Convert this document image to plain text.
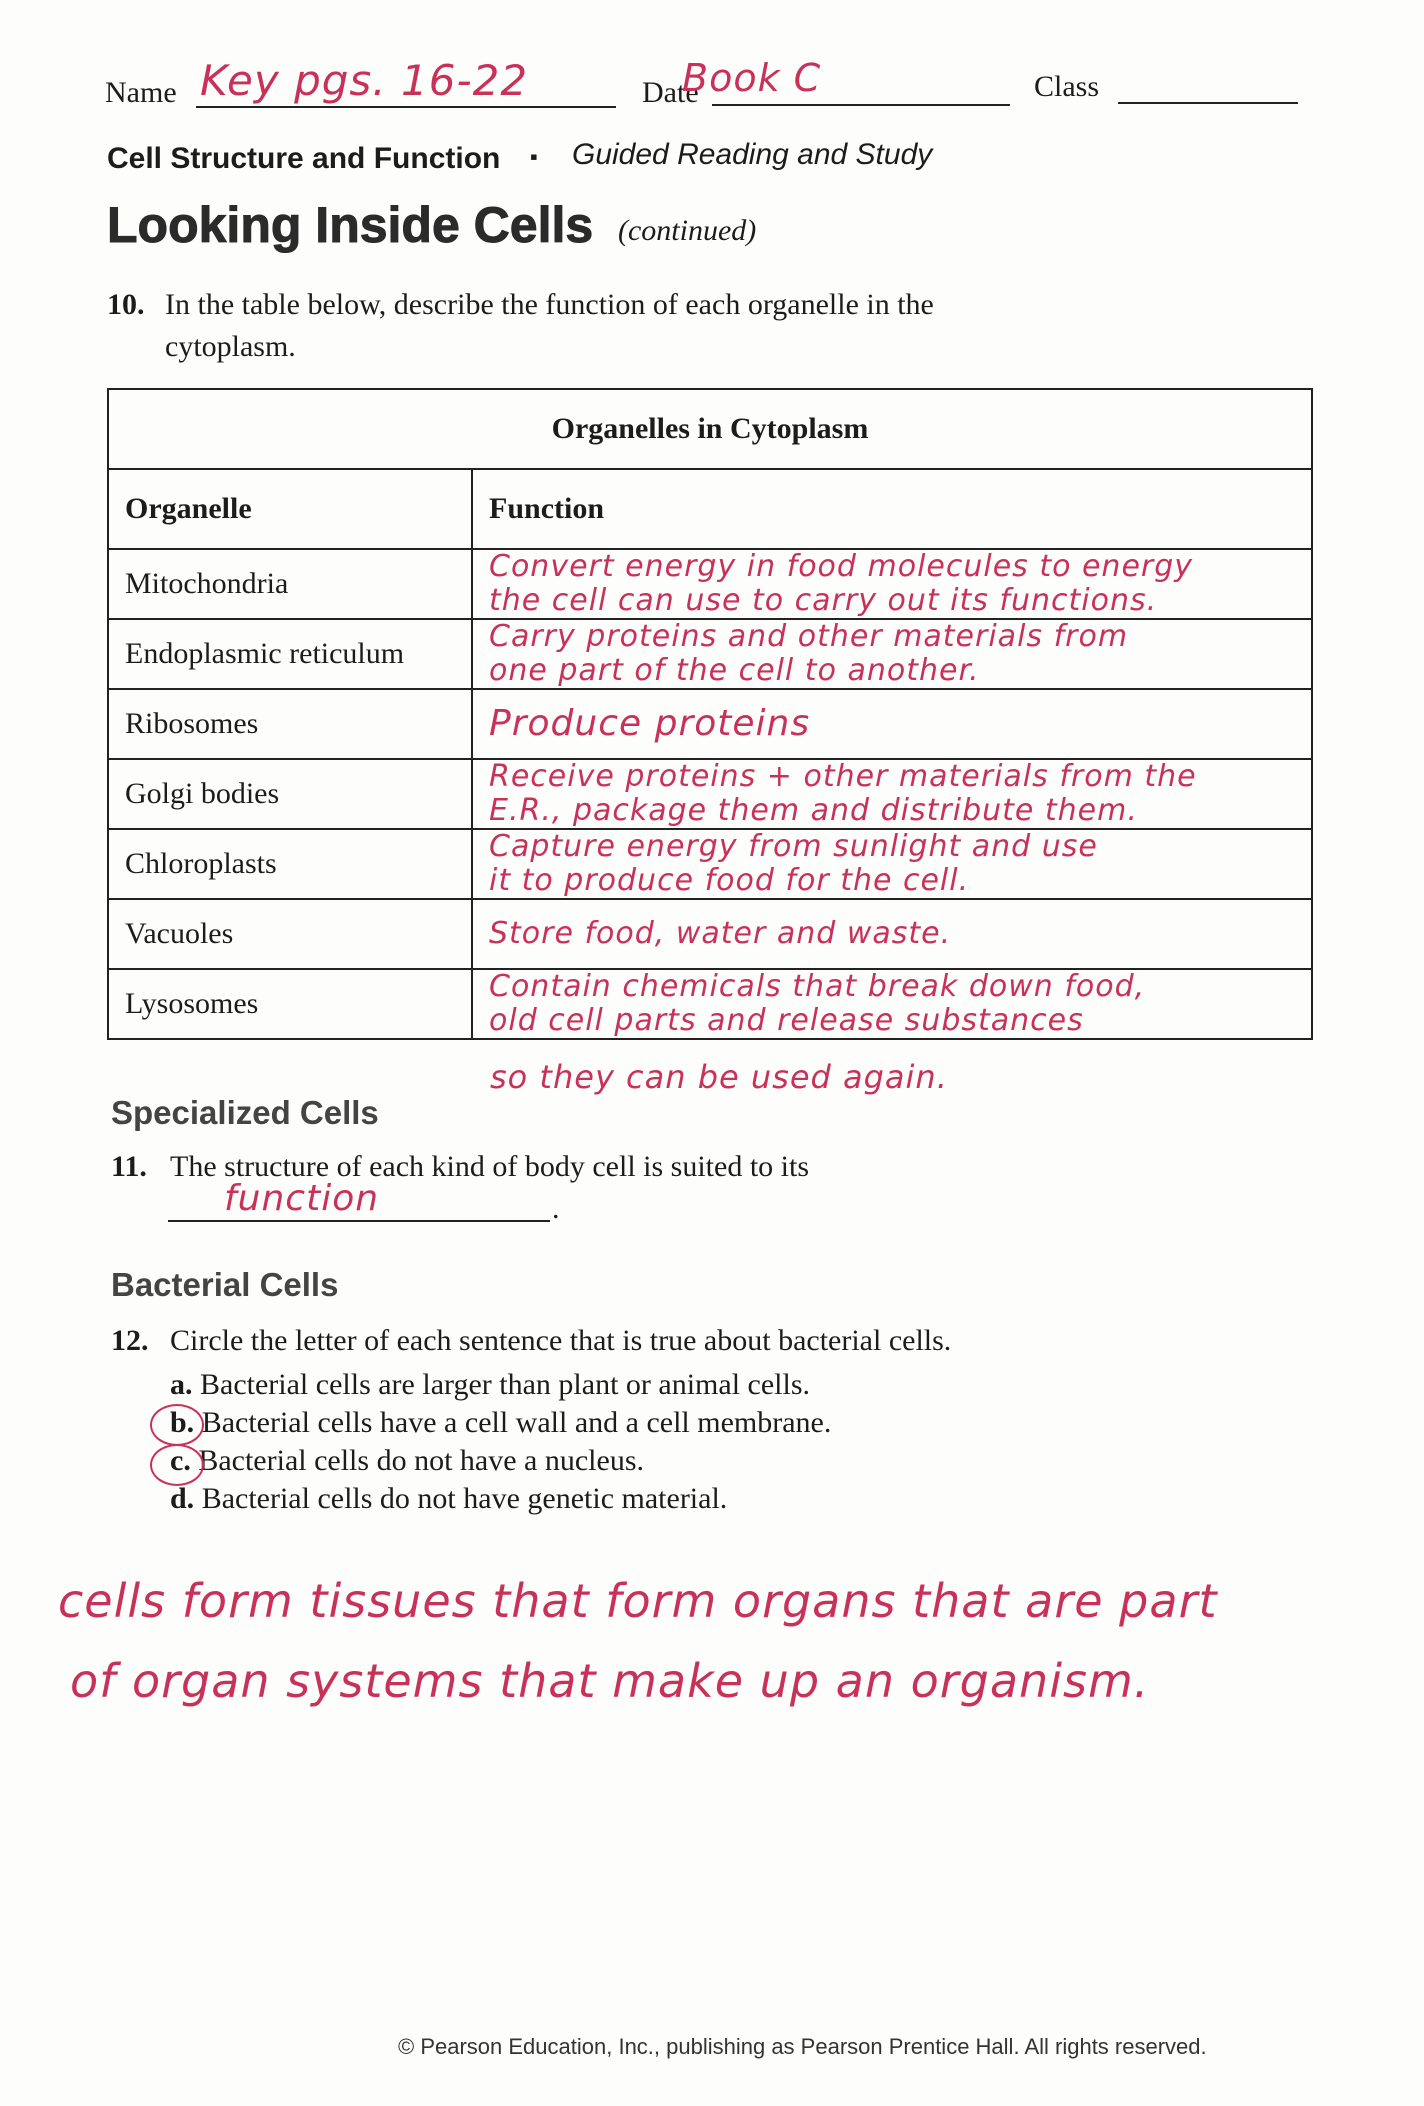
Name Key pgs. 16-22	Date
Book C	Class
Cell Structure and Function ▪ Guided Reading and Study
Looking Inside Cells (continued)
10. In the table below, describe the function of each organelle in the
cytoplasm.
Organelles in Cytoplasm	
Organelle	Function
Mitochondria	Convert energy in food molecules to energy
the cell can use to carry out its functions.

Endoplasmic reticulum	Carry proteins and other materials from
one part of the cell to another.

Ribosomes	Produce proteins

Golgi bodies	Receive proteins + other materials from the
E.R., package them and distribute them.

Chloroplasts	Capture energy from sunlight and use
it to produce food for the cell.

Vacuoles	Store food, water and waste.

Lysosomes	Contain chemicals that break down food,
old cell parts and release substances
so they can be used again.
Specialized Cells
11. The structure of each kind of body cell is suited to its
function	.
Bacterial Cells
12. Circle the letter of each sentence that is true about bacterial cells.
a. Bacterial cells are larger than plant or animal cells.
b. Bacterial cells have a cell wall and a cell membrane.
c. Bacterial cells do not have a nucleus.
d. Bacterial cells do not have genetic material.
cells form tissues that form organs that are part
of organ systems that make up an organism.
© Pearson Education, Inc., publishing as Pearson Prentice Hall. All rights reserved.
